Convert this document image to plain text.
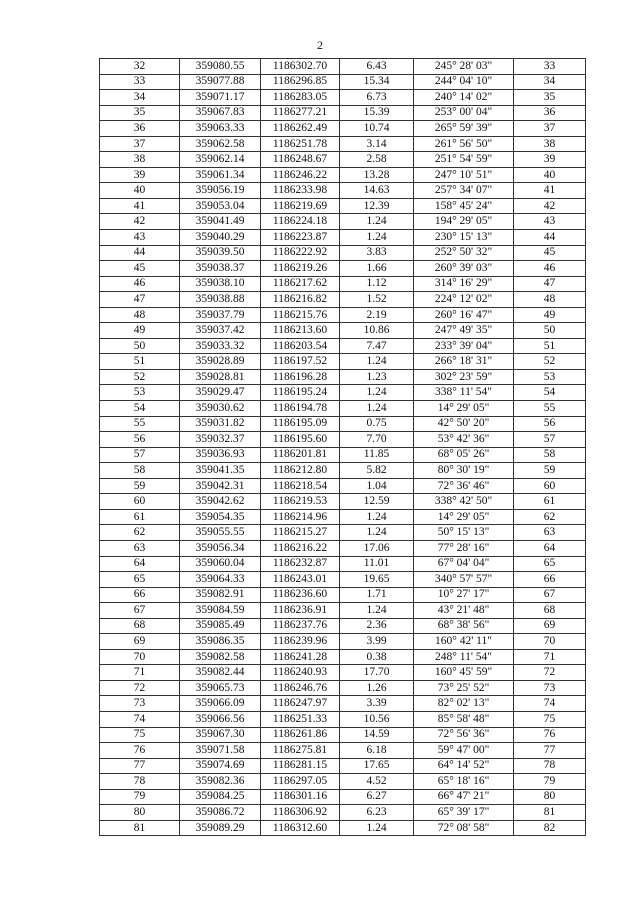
2
32	359080.55	1186302.70	6.43	245° 28' 03"	33
33	359077.88	1186296.85	15.34	244° 04' 10"	34
34	359071.17	1186283.05	6.73	240° 14' 02"	35
35	359067.83	1186277.21	15.39	253° 00' 04"	36
36	359063.33	1186262.49	10.74	265° 59' 39"	37
37	359062.58	1186251.78	3.14	261° 56' 50"	38
38	359062.14	1186248.67	2.58	251° 54' 59"	39
39	359061.34	1186246.22	13.28	247° 10' 51"	40
40	359056.19	1186233.98	14.63	257° 34' 07"	41
41	359053.04	1186219.69	12.39	158° 45' 24"	42
42	359041.49	1186224.18	1.24	194° 29' 05"	43
43	359040.29	1186223.87	1.24	230° 15' 13"	44
44	359039.50	1186222.92	3.83	252° 50' 32"	45
45	359038.37	1186219.26	1.66	260° 39' 03"	46
46	359038.10	1186217.62	1.12	314° 16' 29"	47
47	359038.88	1186216.82	1.52	224° 12' 02"	48
48	359037.79	1186215.76	2.19	260° 16' 47"	49
49	359037.42	1186213.60	10.86	247° 49' 35"	50
50	359033.32	1186203.54	7.47	233° 39' 04"	51
51	359028.89	1186197.52	1.24	266° 18' 31"	52
52	359028.81	1186196.28	1.23	302° 23' 59"	53
53	359029.47	1186195.24	1.24	338° 11' 54"	54
54	359030.62	1186194.78	1.24	14° 29' 05"	55
55	359031.82	1186195.09	0.75	42° 50' 20"	56
56	359032.37	1186195.60	7.70	53° 42' 36"	57
57	359036.93	1186201.81	11.85	68° 05' 26"	58
58	359041.35	1186212.80	5.82	80° 30' 19"	59
59	359042.31	1186218.54	1.04	72° 36' 46"	60
60	359042.62	1186219.53	12.59	338° 42' 50"	61
61	359054.35	1186214.96	1.24	14° 29' 05"	62
62	359055.55	1186215.27	1.24	50° 15' 13"	63
63	359056.34	1186216.22	17.06	77° 28' 16"	64
64	359060.04	1186232.87	11.01	67° 04' 04"	65
65	359064.33	1186243.01	19.65	340° 57' 57"	66
66	359082.91	1186236.60	1.71	10° 27' 17"	67
67	359084.59	1186236.91	1.24	43° 21' 48"	68
68	359085.49	1186237.76	2.36	68° 38' 56"	69
69	359086.35	1186239.96	3.99	160° 42' 11"	70
70	359082.58	1186241.28	0.38	248° 11' 54"	71
71	359082.44	1186240.93	17.70	160° 45' 59"	72
72	359065.73	1186246.76	1.26	73° 25' 52"	73
73	359066.09	1186247.97	3.39	82° 02' 13"	74
74	359066.56	1186251.33	10.56	85° 58' 48"	75
75	359067.30	1186261.86	14.59	72° 56' 36"	76
76	359071.58	1186275.81	6.18	59° 47' 00"	77
77	359074.69	1186281.15	17.65	64° 14' 52"	78
78	359082.36	1186297.05	4.52	65° 18' 16"	79
79	359084.25	1186301.16	6.27	66° 47' 21"	80
80	359086.72	1186306.92	6.23	65° 39' 17"	81
81	359089.29	1186312.60	1.24	72° 08' 58"	82
